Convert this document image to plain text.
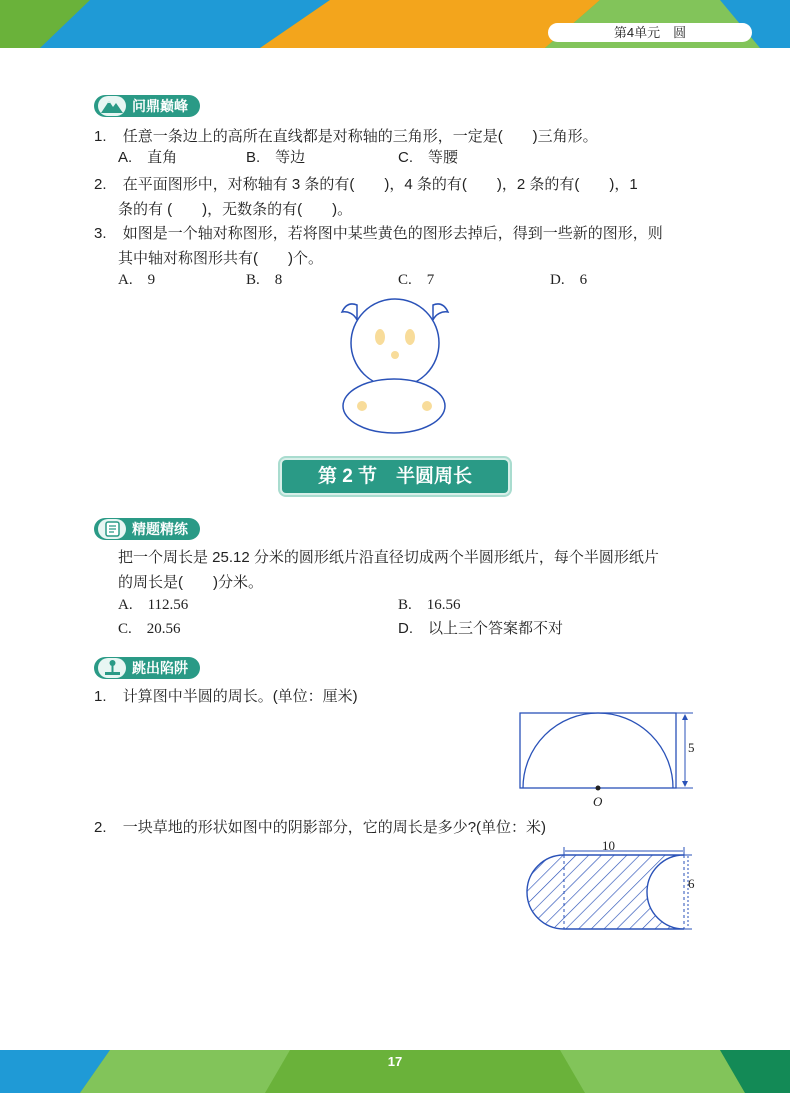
第4单元　圆
问鼎巅峰
1. 任意一条边上的高所在直线都是对称轴的三角形，一定是(　　)三角形。
A.　直角	B.　等边	C.　等腰
2. 在平面图形中，对称轴有 3 条的有(　　)，4 条的有(　　)，2 条的有(　　)，1
条的有 (　　)，无数条的有(　　)。
3. 如图是一个轴对称图形，若将图中某些黄色的图形去掉后，得到一些新的图形，则
其中轴对称图形共有(　　)个。
A.　9	B.　8	C.　7	D.　6
第 2 节　半圆周长
精题精练
把一个周长是 25.12 分米的圆形纸片沿直径切成两个半圆形纸片，每个半圆形纸片
的周长是(　　)分米。
A.　112.56	B.　16.56
C.　20.56	D.　以上三个答案都不对
跳出陷阱
1. 计算图中半圆的周长。(单位：厘米)
5
O
2. 一块草地的形状如图中的阴影部分，它的周长是多少?(单位：米)
10
6
17
